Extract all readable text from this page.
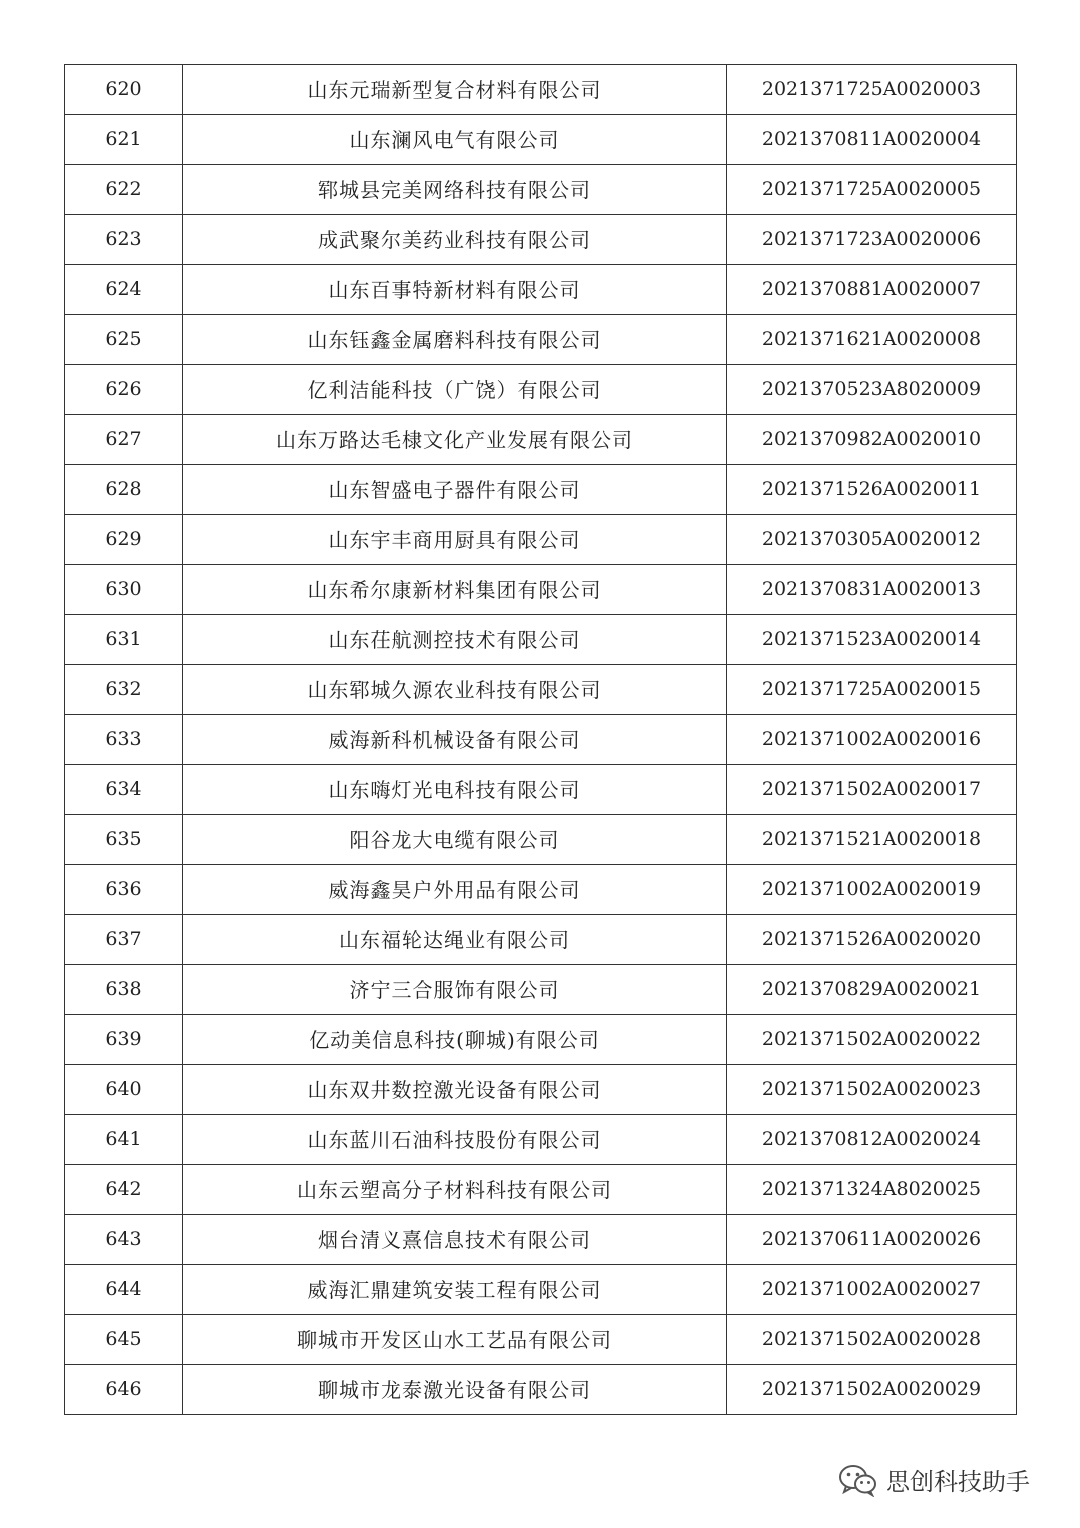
620	山东元瑞新型复合材料有限公司	2021371725A0020003
621	山东澜风电气有限公司	2021370811A0020004
622	郓城县完美网络科技有限公司	2021371725A0020005
623	成武聚尔美药业科技有限公司	2021371723A0020006
624	山东百事特新材料有限公司	2021370881A0020007
625	山东钰鑫金属磨料科技有限公司	2021371621A0020008
626	亿利洁能科技（广饶）有限公司	2021370523A8020009
627	山东万路达毛棣文化产业发展有限公司	2021370982A0020010
628	山东智盛电子器件有限公司	2021371526A0020011
629	山东宇丰商用厨具有限公司	2021370305A0020012
630	山东希尔康新材料集团有限公司	2021370831A0020013
631	山东茌航测控技术有限公司	2021371523A0020014
632	山东郓城久源农业科技有限公司	2021371725A0020015
633	威海新科机械设备有限公司	2021371002A0020016
634	山东嗨灯光电科技有限公司	2021371502A0020017
635	阳谷龙大电缆有限公司	2021371521A0020018
636	威海鑫昊户外用品有限公司	2021371002A0020019
637	山东福轮达绳业有限公司	2021371526A0020020
638	济宁三合服饰有限公司	2021370829A0020021
639	亿动美信息科技(聊城)有限公司	2021371502A0020022
640	山东双井数控激光设备有限公司	2021371502A0020023
641	山东蓝川石油科技股份有限公司	2021370812A0020024
642	山东云塑高分子材料科技有限公司	2021371324A8020025
643	烟台清义熹信息技术有限公司	2021370611A0020026
644	威海汇鼎建筑安装工程有限公司	2021371002A0020027
645	聊城市开发区山水工艺品有限公司	2021371502A0020028
646	聊城市龙泰激光设备有限公司	2021371502A0020029
思创科技助手
